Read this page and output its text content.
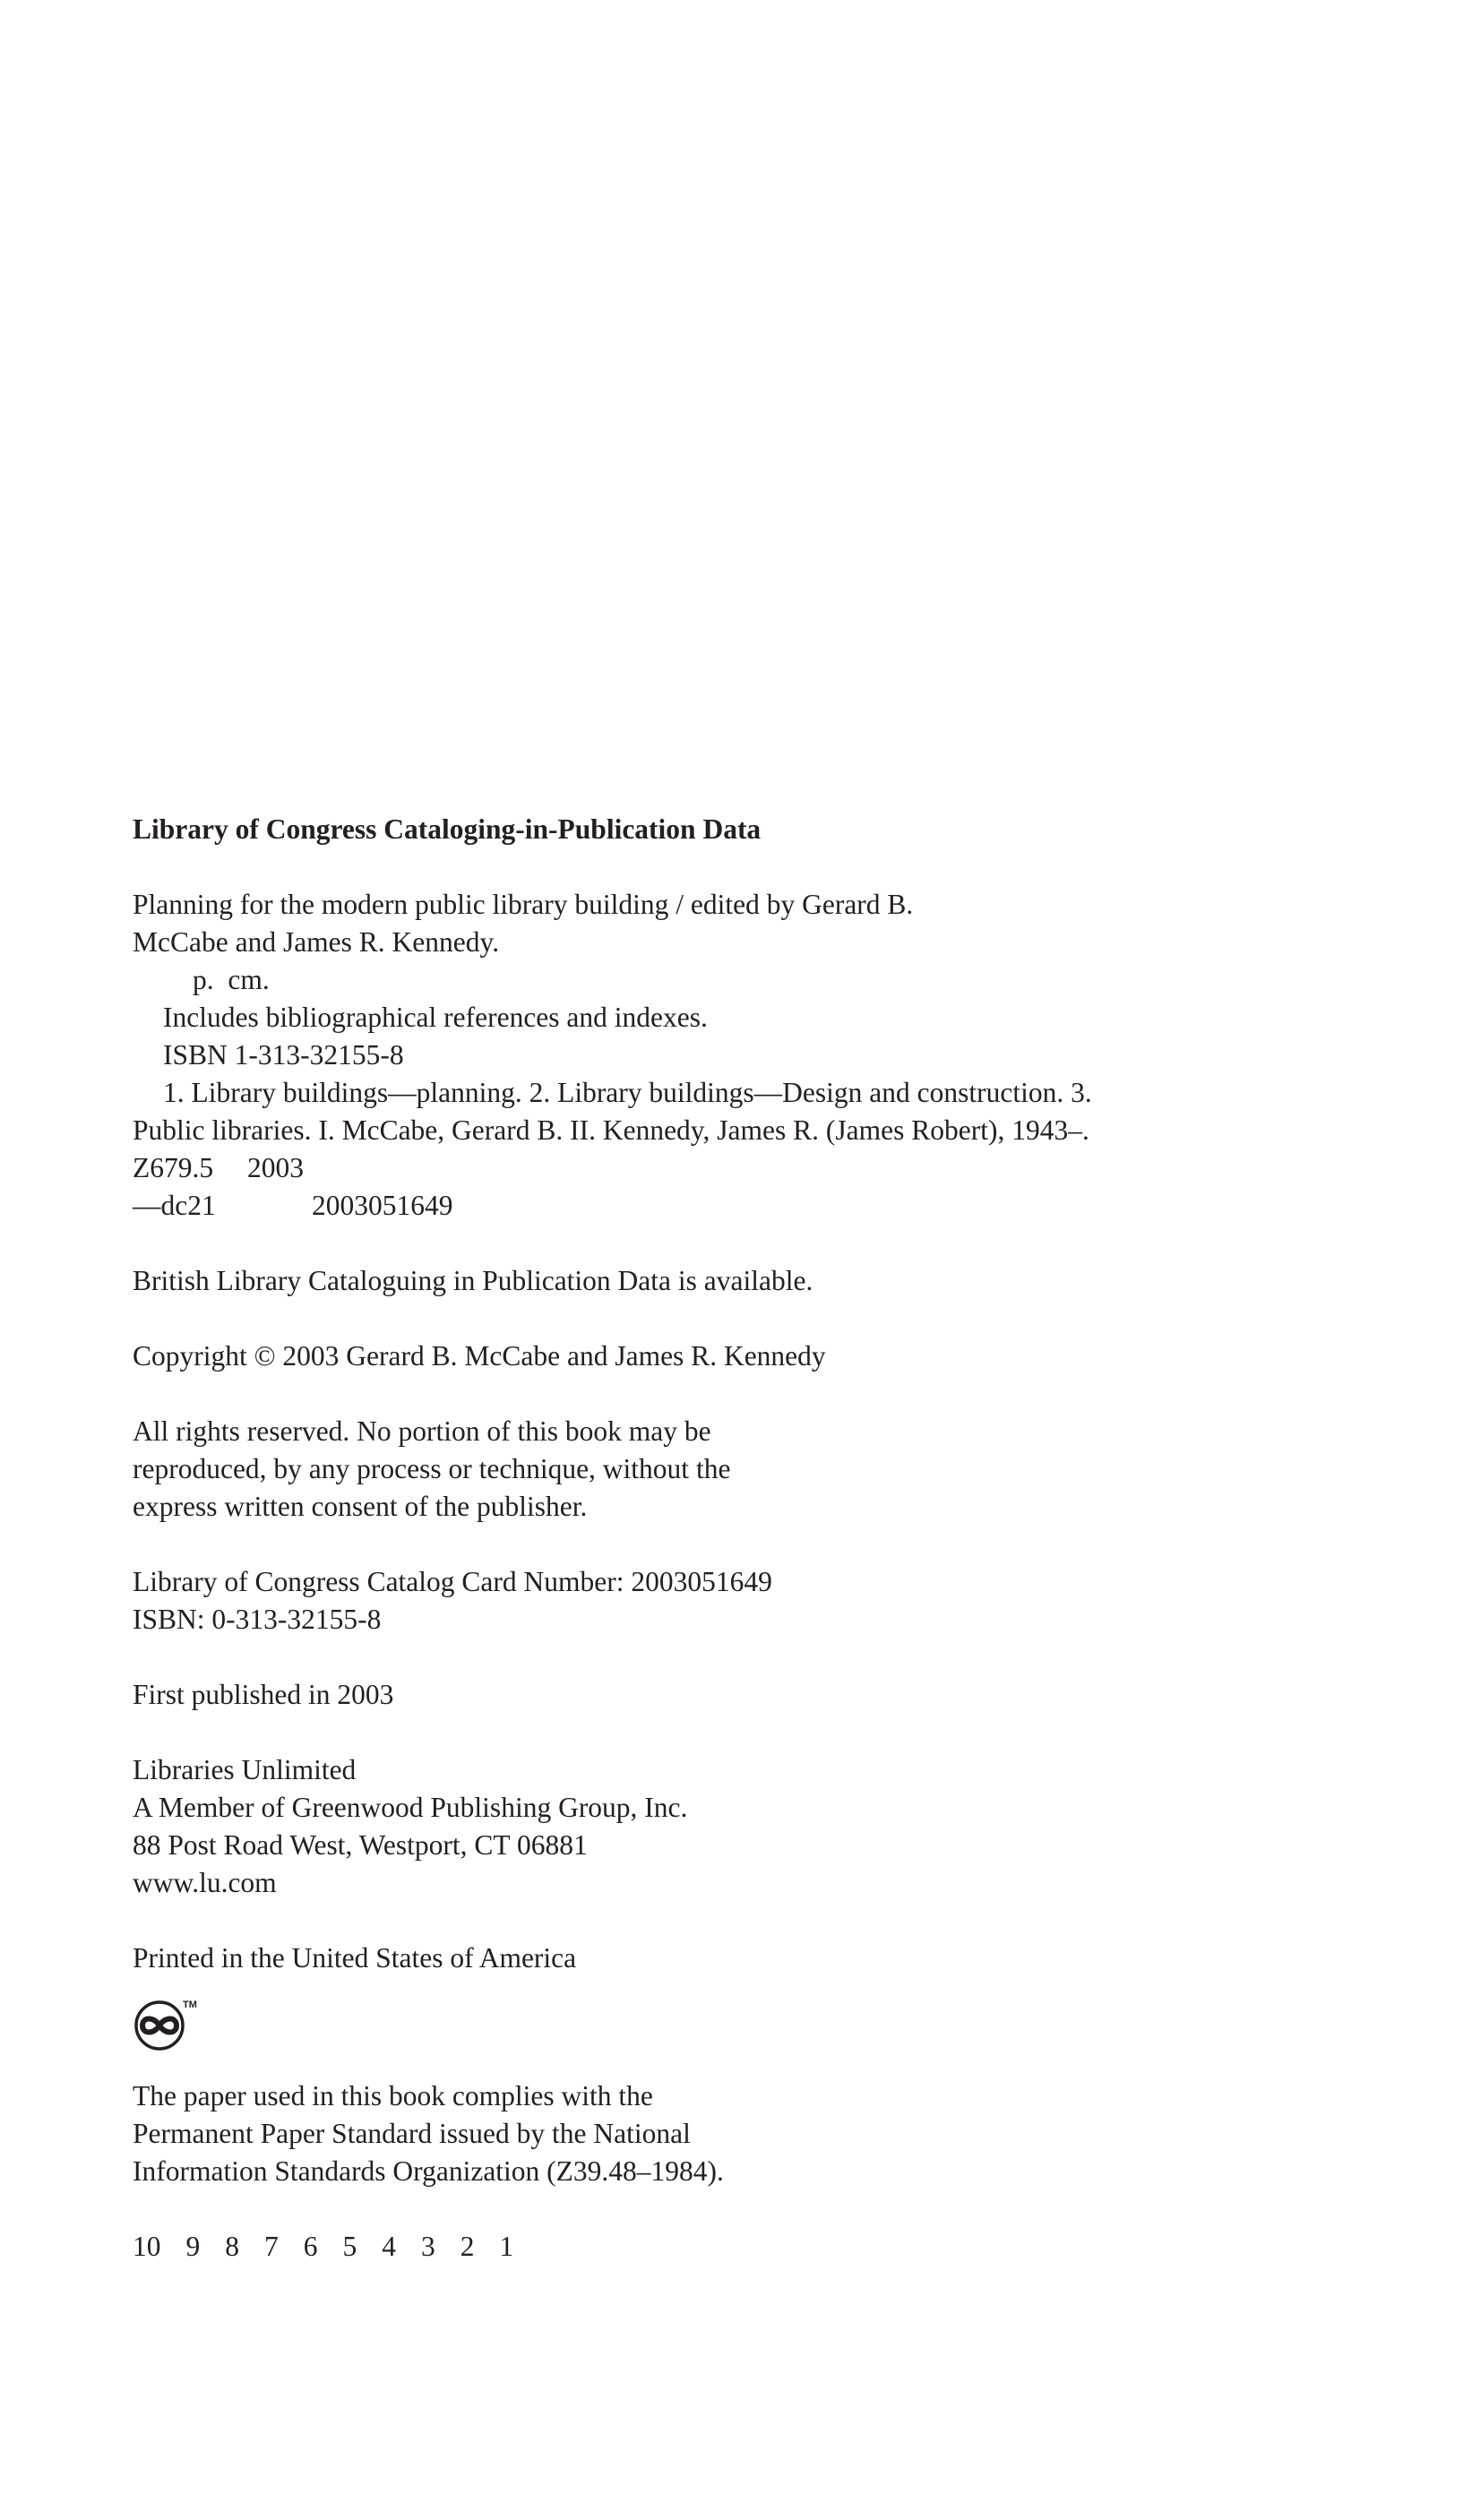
Library of Congress Cataloging-in-Publication Data
Planning for the modern public library building / edited by Gerard B.
McCabe and James R. Kennedy.
p.  cm.
Includes bibliographical references and indexes.
ISBN 1-313-32155-8
1. Library buildings—planning. 2. Library buildings—Design and construction. 3.
Public libraries. I. McCabe, Gerard B. II. Kennedy, James R. (James Robert), 1943–.
Z679.5 2003
—dc21	2003051649
British Library Cataloguing in Publication Data is available.
Copyright © 2003 Gerard B. McCabe and James R. Kennedy
All rights reserved. No portion of this book may be
reproduced, by any process or technique, without the
express written consent of the publisher.
Library of Congress Catalog Card Number: 2003051649
ISBN: 0-313-32155-8
First published in 2003
Libraries Unlimited
A Member of Greenwood Publishing Group, Inc.
88 Post Road West, Westport, CT 06881
www.lu.com
Printed in the United States of America
TM
The paper used in this book complies with the
Permanent Paper Standard issued by the National
Information Standards Organization (Z39.48–1984).
10 9 8 7 6 5 4 3 2 1
